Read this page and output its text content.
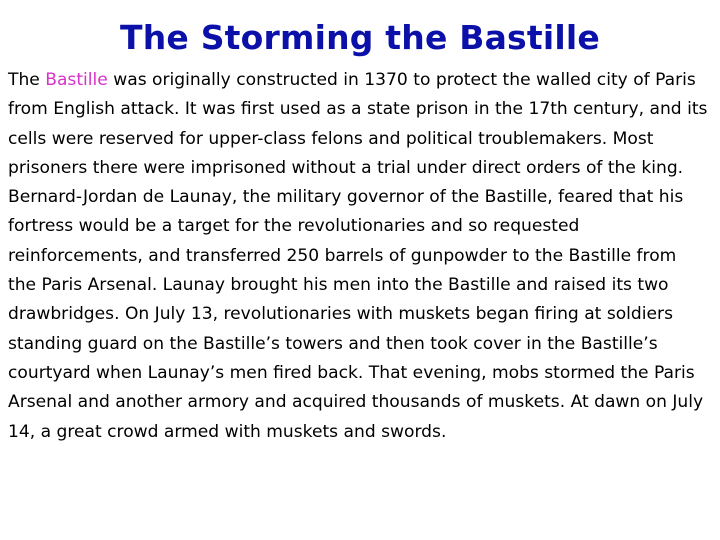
The Storming the Bastille

The Bastille was originally constructed in 1370 to protect the walled city of Paris from English attack. It was first used as a state prison in the 17th century, and its cells were reserved for upper-class felons and political troublemakers. Most prisoners there were imprisoned without a trial under direct orders of the king. Bernard-Jordan de Launay, the military governor of the Bastille, feared that his fortress would be a target for the revolutionaries and so requested reinforcements, and transferred 250 barrels of gunpowder to the Bastille from the Paris Arsenal. Launay brought his men into the Bastille and raised its two drawbridges. On July 13, revolutionaries with muskets began firing at soldiers standing guard on the Bastille’s towers and then took cover in the Bastille’s courtyard when Launay’s men fired back. That evening, mobs stormed the Paris Arsenal and another armory and acquired thousands of muskets. At dawn on July 14, a great crowd armed with muskets and swords.
